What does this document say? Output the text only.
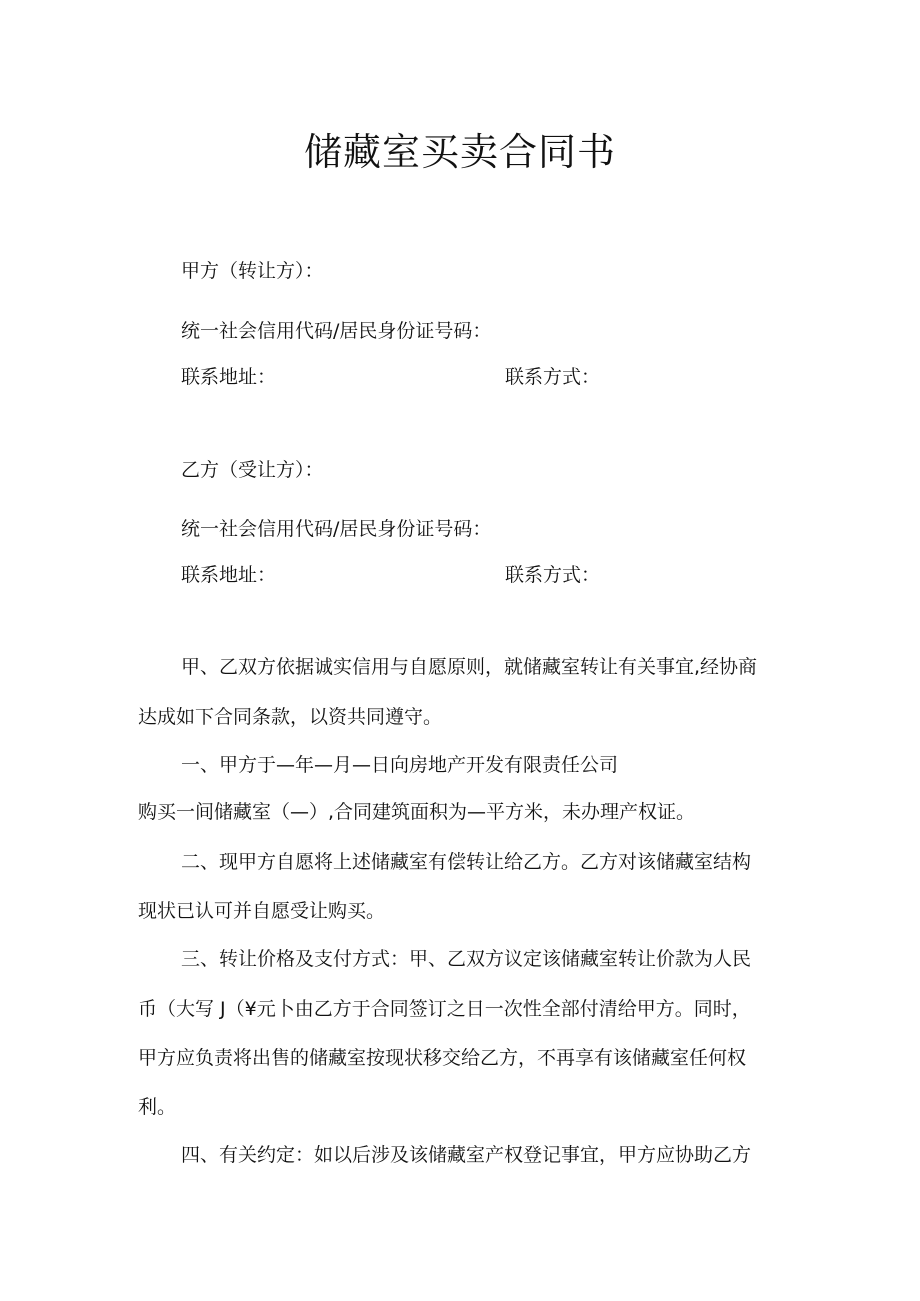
储藏室买卖合同书
甲方（转让方）：
统一社会信用代码/居民身份证号码：
联系地址：	联系方式：
乙方（受让方）：
统一社会信用代码/居民身份证号码：
联系地址：	联系方式：
甲、乙双方依据诚实信用与自愿原则，就储藏室转让有关事宜,经协商
达成如下合同条款，以资共同遵守。
一、甲方于—年—月—日向房地产开发有限责任公司
购买一间储藏室（—）,合同建筑面积为—平方米，未办理产权证。
二、现甲方自愿将上述储藏室有偿转让给乙方。乙方对该储藏室结构
现状已认可并自愿受让购买。
三、转让价格及支付方式：甲、乙双方议定该储藏室转让价款为人民
币（大写 J（¥元卜由乙方于合同签订之日一次性全部付清给甲方。同时，
甲方应负责将出售的储藏室按现状移交给乙方，不再享有该储藏室任何权
利。
四、有关约定：如以后涉及该储藏室产权登记事宜，甲方应协助乙方
